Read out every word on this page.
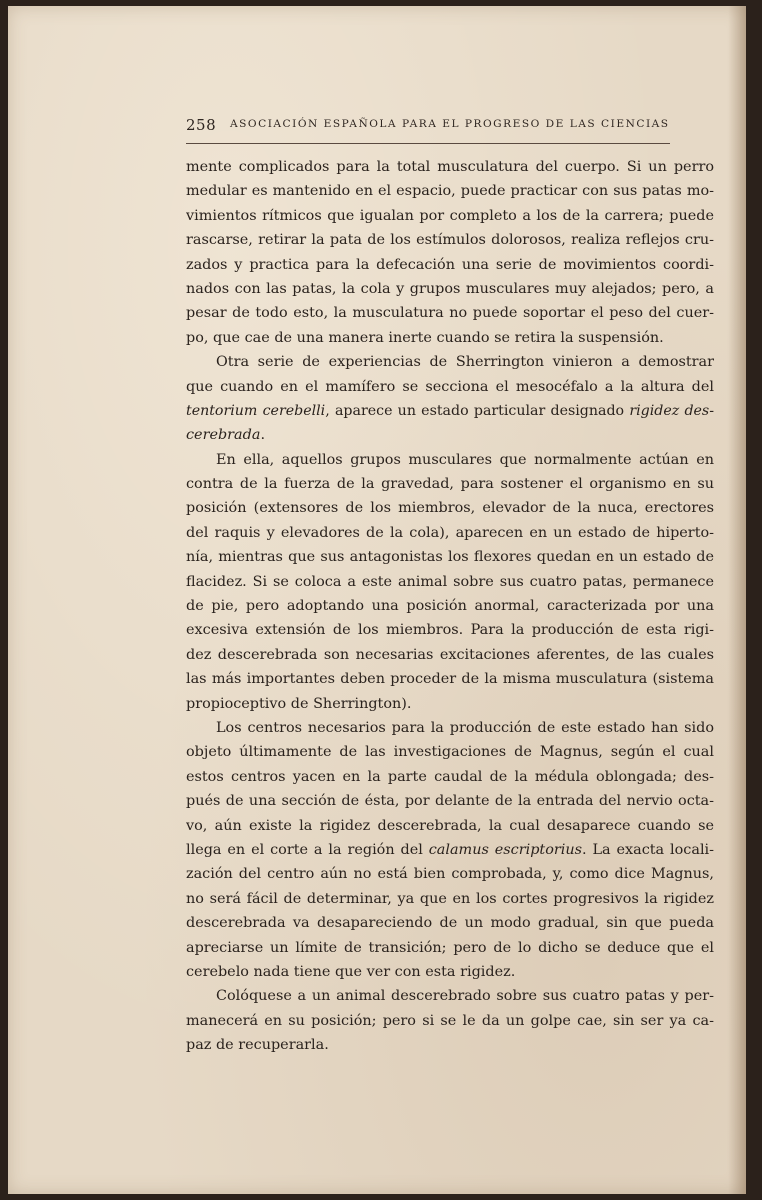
258 ASOCIACIÓN ESPAÑOLA PARA EL PROGRESO DE LAS CIENCIAS
mente complicados para la total musculatura del cuerpo. Si un perro
medular es mantenido en el espacio, puede practicar con sus patas mo-
vimientos rítmicos que igualan por completo a los de la carrera; puede
rascarse, retirar la pata de los estímulos dolorosos, realiza reflejos cru-
zados y practica para la defecación una serie de movimientos coordi-
nados con las patas, la cola y grupos musculares muy alejados; pero, a
pesar de todo esto, la musculatura no puede soportar el peso del cuer-
po, que cae de una manera inerte cuando se retira la suspensión.
Otra serie de experiencias de Sherrington vinieron a demostrar
que cuando en el mamífero se secciona el mesocéfalo a la altura del
tentorium cerebelli, aparece un estado particular designado rigidez des-
cerebrada.
En ella, aquellos grupos musculares que normalmente actúan en
contra de la fuerza de la gravedad, para sostener el organismo en su
posición (extensores de los miembros, elevador de la nuca, erectores
del raquis y elevadores de la cola), aparecen en un estado de hiperto-
nía, mientras que sus antagonistas los flexores quedan en un estado de
flacidez. Si se coloca a este animal sobre sus cuatro patas, permanece
de pie, pero adoptando una posición anormal, caracterizada por una
excesiva extensión de los miembros. Para la producción de esta rigi-
dez descerebrada son necesarias excitaciones aferentes, de las cuales
las más importantes deben proceder de la misma musculatura (sistema
propioceptivo de Sherrington).
Los centros necesarios para la producción de este estado han sido
objeto últimamente de las investigaciones de Magnus, según el cual
estos centros yacen en la parte caudal de la médula oblongada; des-
pués de una sección de ésta, por delante de la entrada del nervio octa-
vo, aún existe la rigidez descerebrada, la cual desaparece cuando se
llega en el corte a la región del calamus escriptorius. La exacta locali-
zación del centro aún no está bien comprobada, y, como dice Magnus,
no será fácil de determinar, ya que en los cortes progresivos la rigidez
descerebrada va desapareciendo de un modo gradual, sin que pueda
apreciarse un límite de transición; pero de lo dicho se deduce que el
cerebelo nada tiene que ver con esta rigidez.
Colóquese a un animal descerebrado sobre sus cuatro patas y per-
manecerá en su posición; pero si se le da un golpe cae, sin ser ya ca-
paz de recuperarla.
